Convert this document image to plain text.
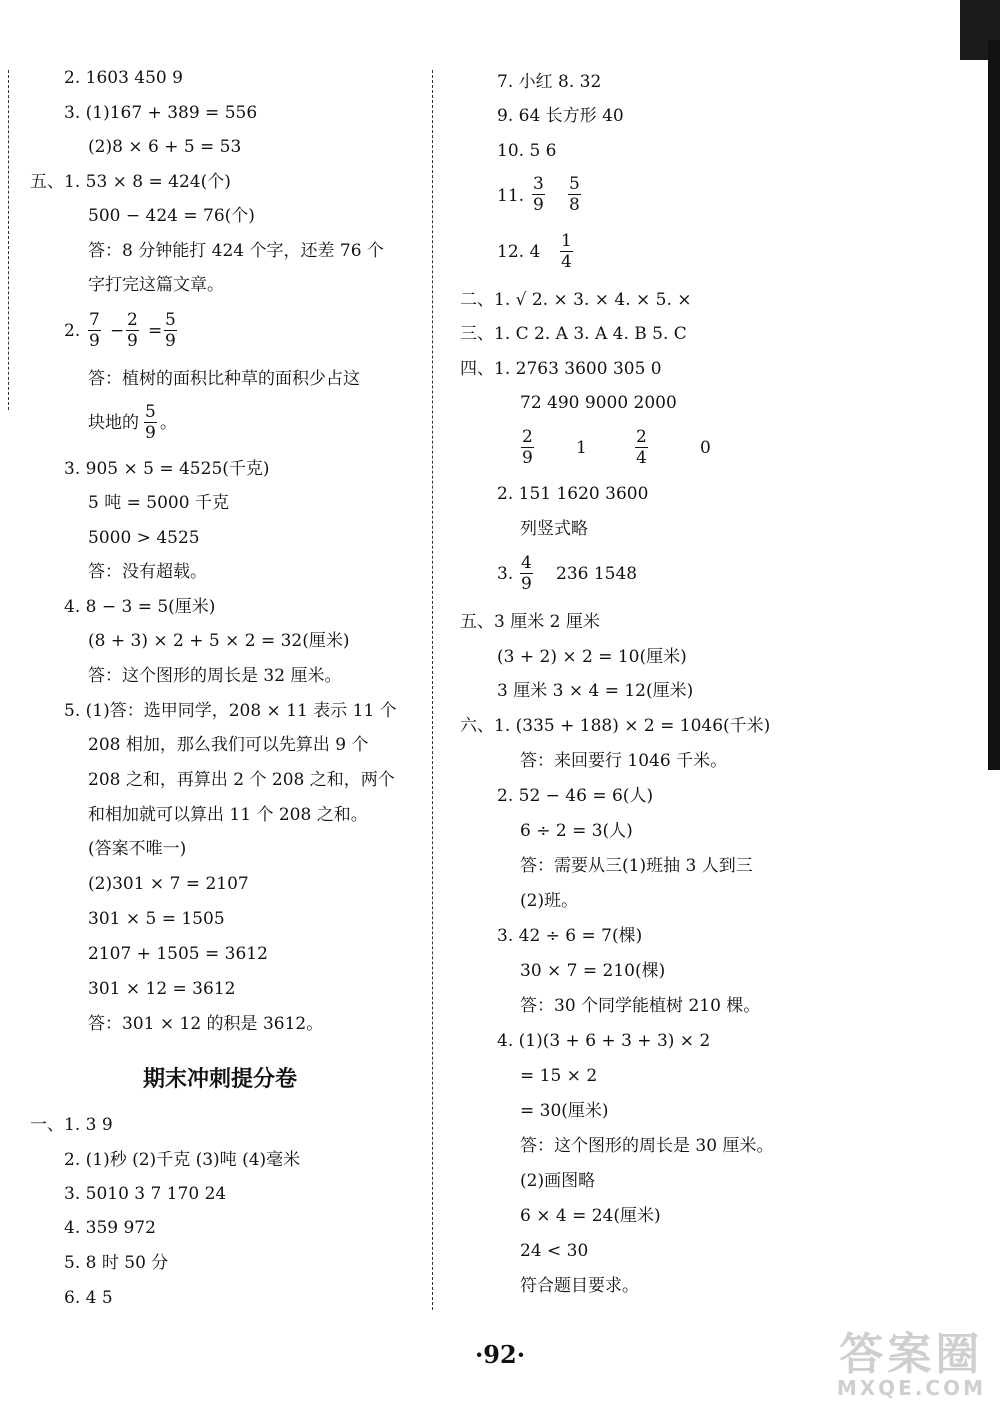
2. 1603 450 9
3. (1)167 + 389 = 556
(2)8 × 6 + 5 = 53
五、1. 53 × 8 = 424(个)
500 − 424 = 76(个)
答：8 分钟能打 424 个字，还差 76 个
字打完这篇文章。
2. $\frac{7}{9} - \frac{2}{9} = \frac{5}{9}$
答：植树的面积比种草的面积少占这
块地的 $\frac{5}{9}$ 。
3. 905 × 5 = 4525(千克)
5 吨 = 5000 千克
5000 > 4525
答：没有超载。
4. 8 − 3 = 5(厘米)
(8 + 3) × 2 + 5 × 2 = 32(厘米)
答：这个图形的周长是 32 厘米。
5. (1)答：选甲同学，208 × 11 表示 11 个
208 相加，那么我们可以先算出 9 个
208 之和，再算出 2 个 208 之和，两个
和相加就可以算出 11 个 208 之和。
(答案不唯一)
(2)301 × 7 = 2107
301 × 5 = 1505
2107 + 1505 = 3612
301 × 12 = 3612
答：301 × 12 的积是 3612。
期末冲刺提分卷
一、1. 3 9
2. (1)秒 (2)千克 (3)吨 (4)毫米
3. 5010 3 7 170 24
4. 359 972
5. 8 时 50 分
6. 4 5
7. 小红 8. 32
9. 64 长方形 40
10. 5 6
11. $\frac{3}{9} \frac{5}{8}$
12. $4 \frac{1}{4}$
二、1. √ 2. × 3. × 4. × 5. ×
三、1. C 2. A 3. A 4. B 5. C
四、1. 2763 3600 305 0
72 490 9000 2000
$\frac{2}{9} 1$	$\frac{2}{4}$	0
2. 151 1620 3600
列竖式略
3. $\frac{4}{9} 236$ 1548
五、3 厘米 2 厘米
(3 + 2) × 2 = 10(厘米)
3 厘米 3 × 4 = 12(厘米)
六、1. (335 + 188) × 2 = 1046(千米)
答：来回要行 1046 千米。
2. 52 − 46 = 6(人)
6 ÷ 2 = 3(人)
答：需要从三(1)班抽 3 人到三
(2)班。
3. 42 ÷ 6 = 7(棵)
30 × 7 = 210(棵)
答：30 个同学能植树 210 棵。
4. (1)(3 + 6 + 3 + 3) × 2
= 15 × 2
= 30(厘米)
答：这个图形的周长是 30 厘米。
(2)画图略
6 × 4 = 24(厘米)
24 < 30
符合题目要求。
·92·	答案圈
MXQE.COM
